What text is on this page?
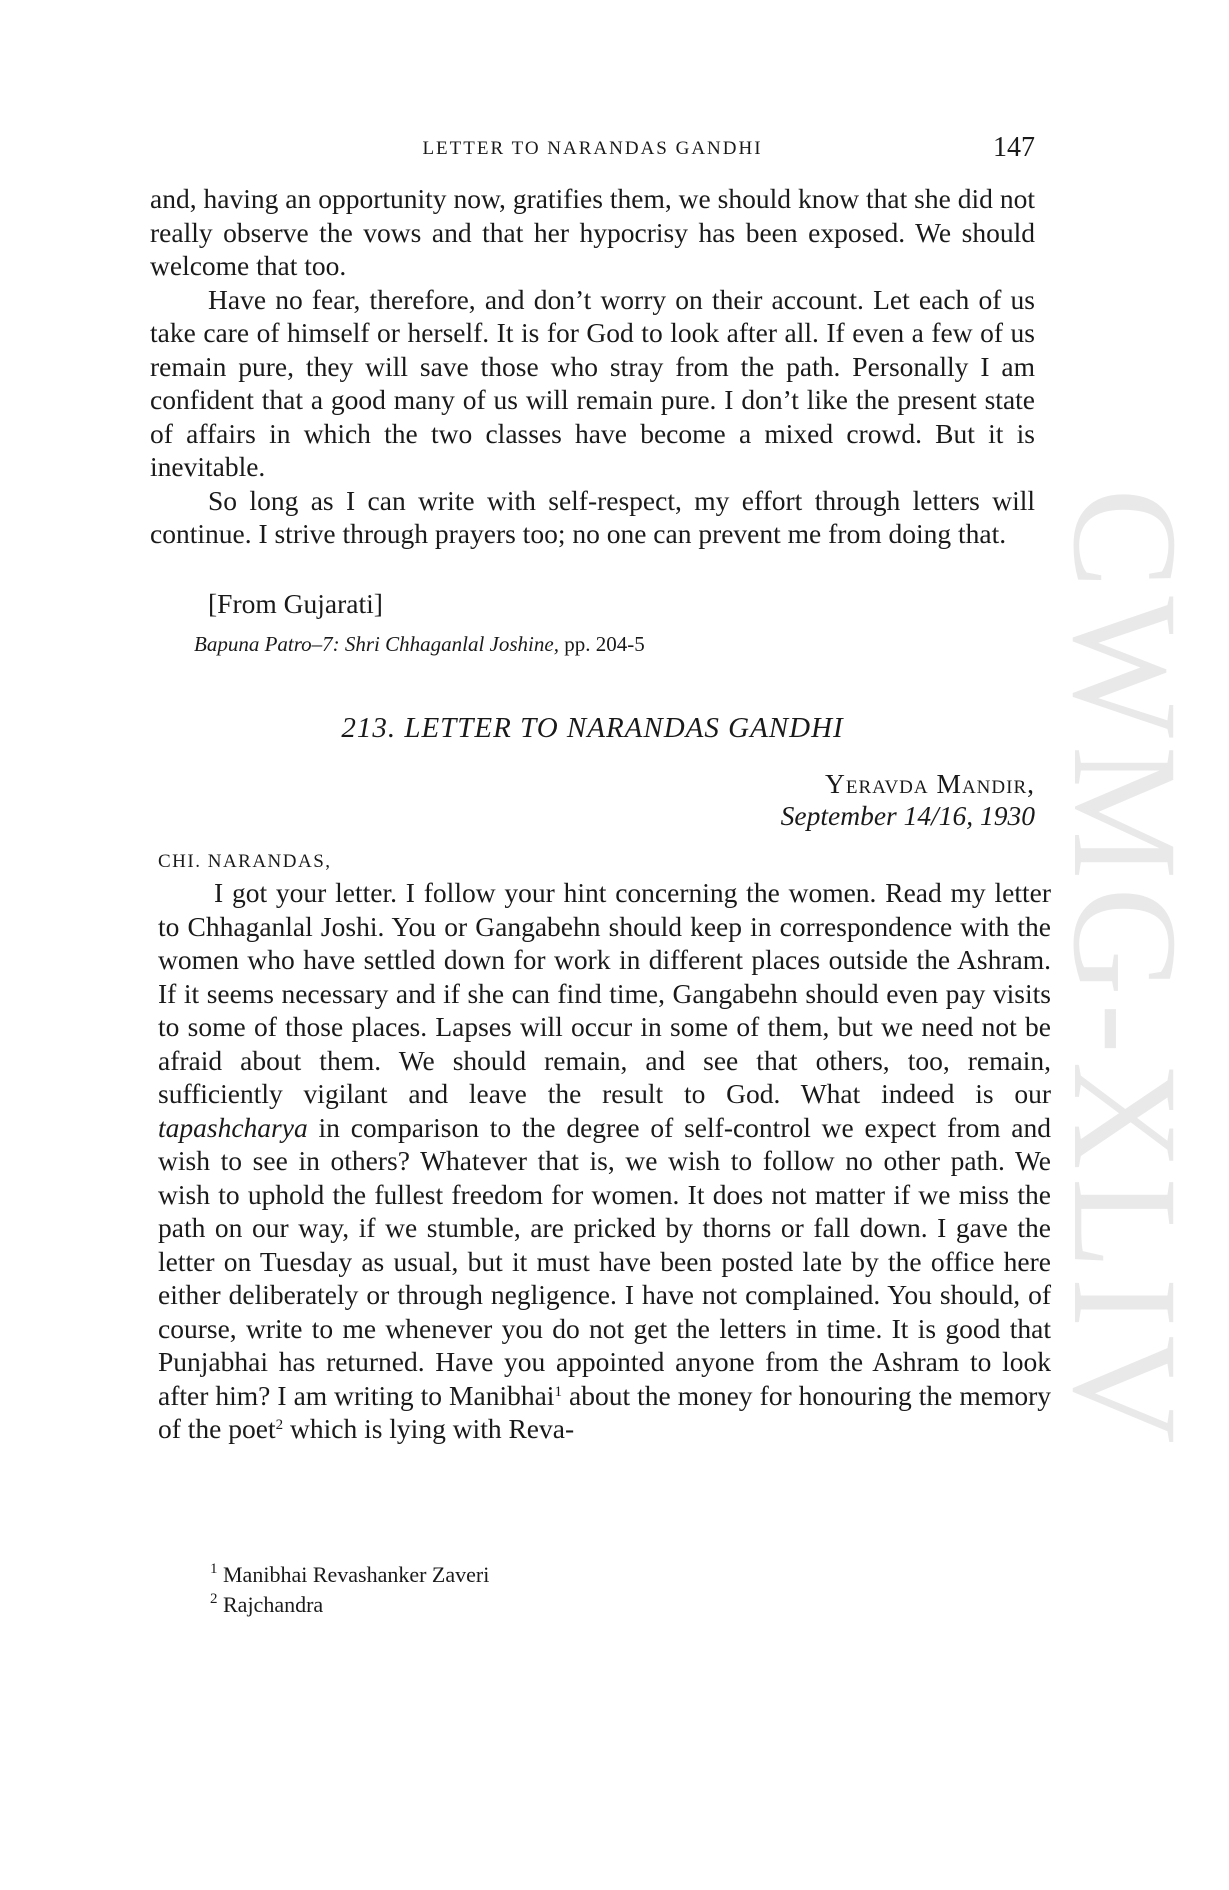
LETTER TO NARANDAS GANDHI	147

and, having an opportunity now, gratifies them, we should know that she did not really observe the vows and that her hypocrisy has been exposed. We should welcome that too.

Have no fear, therefore, and don’t worry on their account. Let each of us take care of himself or herself. It is for God to look after all. If even a few of us remain pure, they will save those who stray from the path. Personally I am confident that a good many of us will remain pure. I don’t like the present state of affairs in which the two classes have become a mixed crowd. But it is inevitable.

So long as I can write with self-respect, my effort through letters will continue. I strive through prayers too; no one can prevent me from doing that.

[From Gujarati]
Bapuna Patro–7: Shri Chhaganlal Joshine, pp. 204-5
213. LETTER TO NARANDAS GANDHI
Yeravda Mandir,
September 14/16, 1930
CHI. NARANDAS,

I got your letter. I follow your hint concerning the women. Read my letter to Chhaganlal Joshi. You or Gangabehn should keep in correspondence with the women who have settled down for work in different places outside the Ashram. If it seems necessary and if she can find time, Gangabehn should even pay visits to some of those places. Lapses will occur in some of them, but we need not be afraid about them. We should remain, and see that others, too, remain, sufficiently vigilant and leave the result to God. What indeed is our tapashcharya in comparison to the degree of self-control we expect from and wish to see in others? Whatever that is, we wish to follow no other path. We wish to uphold the fullest freedom for women. It does not matter if we miss the path on our way, if we stumble, are pricked by thorns or fall down. I gave the letter on Tuesday as usual, but it must have been posted late by the office here either deliberately or through negligence. I have not complained. You should, of course, write to me whenever you do not get the letters in time. It is good that Punjabhai has returned. Have you appointed anyone from the Ashram to look after him? I am writing to Manibhai$^1$ about the money for honouring the memory of the poet$^2$ which is lying with Reva-

$^1$ Manibhai Revashanker Zaveri
$^2$ Rajchandra
CWMG-XLIV
